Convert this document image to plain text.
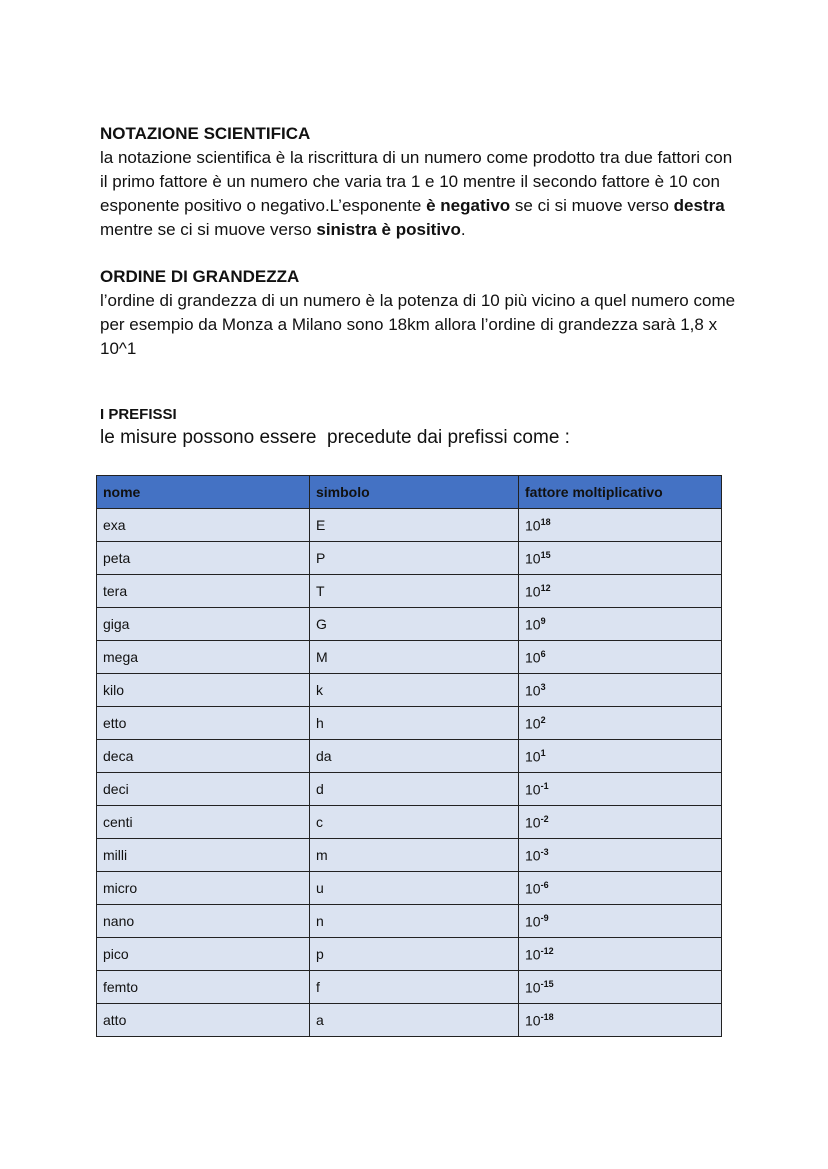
NOTAZIONE SCIENTIFICA
la notazione scientifica è la riscrittura di un numero come prodotto tra due fattori con il primo fattore è un numero che varia tra 1 e 10 mentre il secondo fattore è 10 con esponente positivo o negativo.L’esponente è negativo se ci si muove verso destra mentre se ci si muove verso sinistra è positivo.
ORDINE DI GRANDEZZA
l’ordine di grandezza di un numero è la potenza di 10 più vicino a quel numero come per esempio da Monza a Milano sono 18km allora l’ordine di grandezza sarà 1,8 x 10^1
I PREFISSI
le misure possono essere  precedute dai prefissi come :
nome	simbolo	fattore moltiplicativo
exa	E	$10^{18}$
peta	P	$10^{15}$
tera	T	$10^{12}$
giga	G	$10^9$
mega	M	$10^6$
kilo	k	$10^3$
etto	h	$10^2$
deca	da	$10^1$
deci	d	$10^{-1}$
centi	c	$10^{-2}$
milli	m	$10^{-3}$
micro	u	$10^{-6}$
nano	n	$10^{-9}$
pico	p	$10^{-12}$
femto	f	$10^{-15}$
atto	a	$10^{-18}$
